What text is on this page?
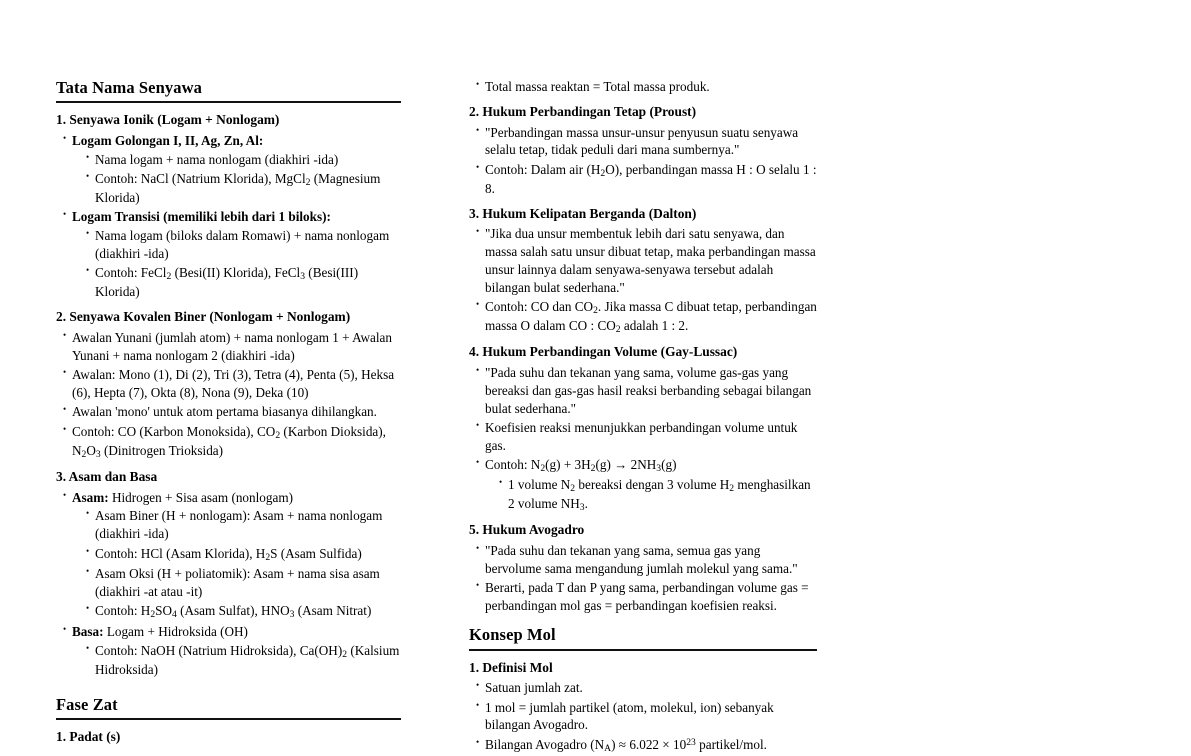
Tata Nama Senyawa
1. Senyawa Ionik (Logam + Nonlogam)
• Logam Golongan I, II, Ag, Zn, Al:
• Nama logam + nama nonlogam (diakhiri -ida)
• Contoh: NaCl (Natrium Klorida), MgCl$_2$ (Magnesium Klorida)
• Logam Transisi (memiliki lebih dari 1 biloks):
• Nama logam (biloks dalam Romawi) + nama nonlogam (diakhiri -ida)
• Contoh: FeCl$_2$ (Besi(II) Klorida), FeCl$_3$ (Besi(III) Klorida)
2. Senyawa Kovalen Biner (Nonlogam + Nonlogam)
• Awalan Yunani (jumlah atom) + nama nonlogam 1 + Awalan Yunani + nama nonlogam 2 (diakhiri -ida)
• Awalan: Mono (1), Di (2), Tri (3), Tetra (4), Penta (5), Heksa (6), Hepta (7), Okta (8), Nona (9), Deka (10)
• Awalan 'mono' untuk atom pertama biasanya dihilangkan.
• Contoh: CO (Karbon Monoksida), $CO_2$ (Karbon Dioksida), $N_2O_3$ (Dinitrogen Trioksida)
3. Asam dan Basa
• Asam: Hidrogen + Sisa asam (nonlogam)
• Asam Biner (H + nonlogam): Asam + nama nonlogam (diakhiri -ida)
• Contoh: HCl (Asam Klorida), $H_2S$ (Asam Sulfida)
• Asam Oksi (H + poliatomik): Asam + nama sisa asam (diakhiri -at atau -it)
• Contoh: $H_2SO_4$ (Asam Sulfat), $HNO_3$ (Asam Nitrat)
• Basa: Logam + Hidroksida (OH)
• Contoh: NaOH (Natrium Hidroksida), $Ca(OH)_2$ (Kalsium Hidroksida)
Fase Zat
1. Padat (s)
• Total massa reaktan = Total massa produk.
2. Hukum Perbandingan Tetap (Proust)
• "Perbandingan massa unsur-unsur penyusun suatu senyawa selalu tetap, tidak peduli dari mana sumbernya."
• Contoh: Dalam air $(H_2O)$, perbandingan massa H : O selalu 1 : 8.
3. Hukum Kelipatan Berganda (Dalton)
• "Jika dua unsur membentuk lebih dari satu senyawa, dan massa salah satu unsur dibuat tetap, maka perbandingan massa unsur lainnya dalam senyawa-senyawa tersebut adalah bilangan bulat sederhana."
• Contoh: CO dan $CO_2$. Jika massa C dibuat tetap, perbandingan massa O dalam CO : $CO_2$ adalah 1 : 2.
4. Hukum Perbandingan Volume (Gay-Lussac)
• "Pada suhu dan tekanan yang sama, volume gas-gas yang bereaksi dan gas-gas hasil reaksi berbanding sebagai bilangan bulat sederhana."
• Koefisien reaksi menunjukkan perbandingan volume untuk gas.
• Contoh: $N_2(g) + 3H_2(g) \to 2NH_3(g)$
• 1 volume $N_2$ bereaksi dengan 3 volume $H_2$ menghasilkan 2 volume $NH_3$.
5. Hukum Avogadro
• "Pada suhu dan tekanan yang sama, semua gas yang bervolume sama mengandung jumlah molekul yang sama."
• Berarti, pada T dan P yang sama, perbandingan volume gas = perbandingan mol gas = perbandingan koefisien reaksi.
Konsep Mol
1. Definisi Mol
• Satuan jumlah zat.
• 1 mol = jumlah partikel (atom, molekul, ion) sebanyak bilangan Avogadro.
• Bilangan Avogadro $(N_A) \approx 6.022 \times 10^{23}$ partikel/mol.
